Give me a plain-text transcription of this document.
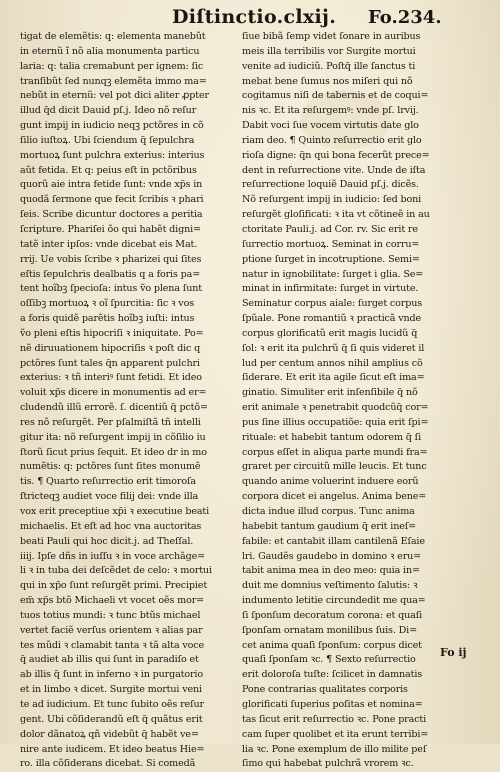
Diſtinctio.clxij. Fo.234.
tigat de elemẽtis: q: elementa manebũt
in eternũ ĩ nõ alia monumenta particu
laria: q: talia cremabunt per ignem: ſic
tranſibũt ſed nunqꝫ elemẽta immo ma=
nebũt in eternũ: vel pot dici aliter ꝓpter
illud q̃d dicit Dauid pſ.j. Ideo nõ reſur
gunt impij in iudicio neqꝫ pctõres in cõ
ſilio iuſtoꝝ. Ubi ſciendum q̃ ſepulchra
mortuoꝝ ſunt pulchra exterius: interius
aũt fetida. Et q: peius eſt in pctõribus
quorũ aie intra fetide ſunt: vnde xp̃s in
quodã ſermone que fecit ſcribis ꝛ phari
ſeis. Scribe dicuntur doctores a peritia
ſcripture. Phariſei õo qui habẽt digni=
tatẽ inter ipſos: vnde dicebat eis Mat.
rrij. Ue vobis ſcribe ꝛ pharizei qui ſites
eſtis ſepulchris dealbatis q a foris pa=
tent hoĩbꝫ ſpecioſa: intus ṽo plena ſunt
oſſibꝫ mortuoꝝ ꝛ oĩ ſpurcitia: ſic ꝛ vos
a foris quidẽ parẽtis hoĩbꝫ iuſti: intus
ṽo pleni eſtis hipocriſi ꝛ iniquitate. Po=
nẽ diruuationem hipocriſis ꝛ poſt dic q
pctõres ſunt tales q̃n apparent pulchri
exterius: ꝛ tñ interiꝰ ſunt fetidi. Et ideo
voluit xp̃s dicere in monumentis ad er=
cludendũ illũ errorẽ. ſ. dicentiũ q̃ pctõ=
res nõ reſurgẽt. Per pſalmiſtã tñ intelli
gitur ita: nõ reſurgent impij in cõſilio iu
ſtorũ ſicut prius ſequit. Et ideo dr in mo
numẽtis: q: pctõres ſunt ſites monumẽ
tis. ¶ Quarto reſurrectio erit timoroſa
ſtricteqꝫ audiet voce filij dei: vnde illa
vox erit preceptiue xp̃i ꝛ executiue beati
michaelis. Et eſt ad hoc vna auctoritas
beati Pauli qui hoc dicit.j. ad Theſſal.
iiij. Ipſe dñs in iuſſu ꝛ in voce archãge=
li ꝛ in tuba dei deſcẽdet de celo: ꝛ mortui
qui in xp̃o ſunt reſurgẽt primi. Precipiet
em̃ xp̃s btõ Michaeli vt vocet oẽs mor=
tuos totius mundi: ꝛ tunc btũs michael
vertet faciẽ verſus orientem ꝛ alias par
tes mũdi ꝛ clamabit tanta ꝛ tã alta voce
q̃ audiet ab illis qui ſunt in paradiſo et
ab illis q̃ ſunt in inferno ꝛ in purgatorio
et in limbo ꝛ dicet. Surgite mortui veni
te ad iudicium. Et tunc ſubito oẽs reſur
gent. Ubi cõſiderandũ eſt q̃ quãtus erit
dolor dãnatoꝝ qñ videbũt q̃ habẽt ve=
nire ante iudicem. Et ideo beatus Hie=
ro. illa cõſiderans dicebat. Si comedã
ſiue bibã ſemp videt ſonare in auribus
meis illa terribilis vor Surgite mortui
venite ad iudiciũ. Poſtq̃ ille ſanctus ti
mebat bene ſumus nos miſeri qui nõ
cogitamus niſi de tabernis et de coqui=
nis ꝛc. Et ita reſurgemꝰ: vnde pſ. lrvij.
Dabit voci ſue vocem virtutis date glo
riam deo. ¶ Quinto reſurrectio erit glo
rioſa digne: q̃n qui bona fecerũt prece=
dent in reſurrectione vite. Unde de iſta
reſurrectione loquiẽ Dauid pſ.j. dicẽs.
Nõ reſurgent impij in iudicio: ſed boni
reſurgẽt gloſificati: ꝛ ita vt cõtineẽ in au
ctoritate Pauli.j. ad Cor. rv. Sic erit re
ſurrectio mortuoꝝ. Seminat in corru=
ptione ſurget in incotruptione. Semi=
natur in ignobilitate: ſurget i glia. Se=
minat in infirmitate: ſurget in virtute.
Seminatur corpus aiale: ſurget corpus
ſpũale. Pone romantiũ ꝛ practicã vnde
corpus glorificatũ erit magis lucidũ q̃
ſol: ꝛ erit ita pulchrũ q̃ ſi quis videret il
lud per centum annos nihil amplius cõ
ſiderare. Et erit ita agile ſicut eſt ima=
ginatio. Simuliter erit inſenſibile q̃ nõ
erit animale ꝛ penetrabit quodcũq̃ cor=
pus ſine illius occupatiõe: quia erit ſpi=
rituale: et habebit tantum odorem q̃ ſi
corpus eſſet in aliqua parte mundi fra=
graret per circuitũ mille leucis. Et tunc
quando anime voluerint induere eorũ
corpora dicet ei angelus. Anima bene=
dicta indue illud corpus. Tunc anima
habebit tantum gaudium q̃ erit ineſ=
fabile: et cantabit illam cantilenã Eſaie
lri. Gaudẽs gaudebo in domino ꝛ eru=
tabit anima mea in deo meo: quia in=
duit me domnius veſtimento ſalutis: ꝛ
indumento letitie circundedit me qua=
ſi ſponſum decoratum corona: et quaſi
ſponſam ornatam monilibus ſuis. Di=
cet anima quaſi ſponſum: corpus dicet
quaſi ſponſam ꝛc. ¶ Sexto reſurrectio
erit doloroſa tuſte: ſcilicet in damnatis
Pone contrarias qualitates corporis
glorificati ſuperius poſitas et nomina=
tas ſicut erit reſurrectio ꝛc. Pone practi
cam ſuper quolibet et ita erunt terribi=
lia ꝛc. Pone exemplum de illo milite peſ
ſimo qui habebat pulchrã vrorem ꝛc.
Fo ij
